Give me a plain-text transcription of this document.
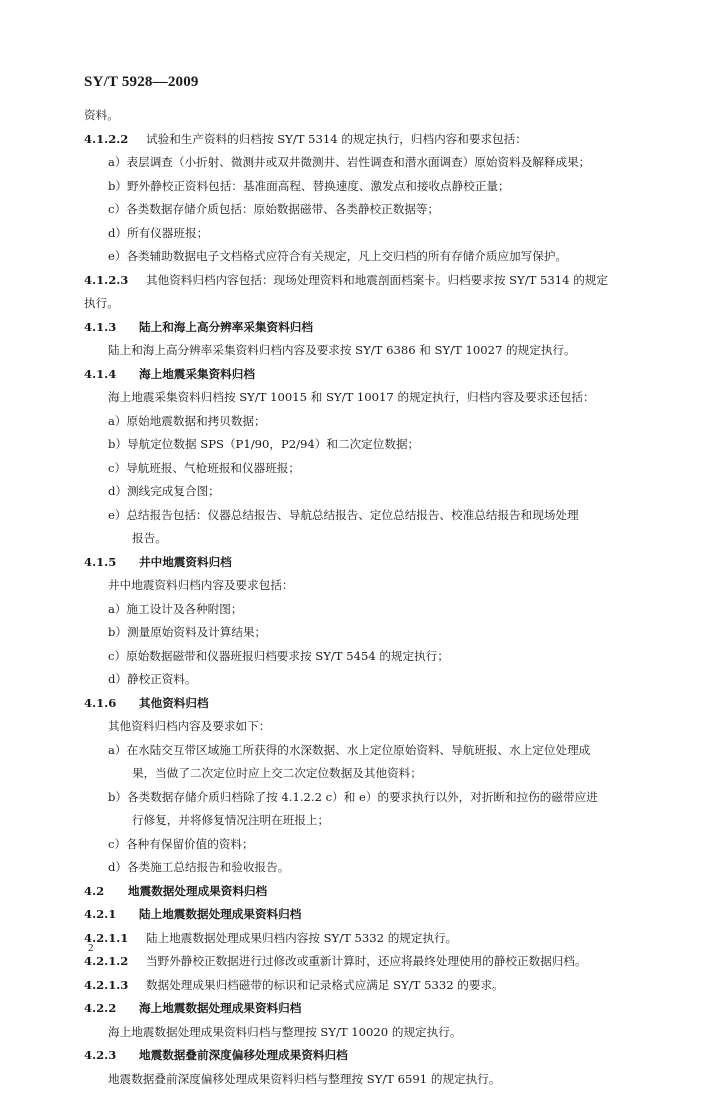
SY/T 5928—2009
资料。
4.1.2.2 试验和生产资料的归档按 SY/T 5314 的规定执行，归档内容和要求包括：
a）表层调查（小折射、微测井或双井微测井、岩性调查和潜水面调查）原始资料及解释成果；
b）野外静校正资料包括：基准面高程、替换速度、激发点和接收点静校正量；
c）各类数据存储介质包括：原始数据磁带、各类静校正数据等；
d）所有仪器班报；
e）各类辅助数据电子文档格式应符合有关规定，凡上交归档的所有存储介质应加写保护。
4.1.2.3 其他资料归档内容包括：现场处理资料和地震剖面档案卡。归档要求按 SY/T 5314 的规定
执行。
4.1.3 陆上和海上高分辨率采集资料归档
陆上和海上高分辨率采集资料归档内容及要求按 SY/T 6386 和 SY/T 10027 的规定执行。
4.1.4 海上地震采集资料归档
海上地震采集资料归档按 SY/T 10015 和 SY/T 10017 的规定执行，归档内容及要求还包括：
a）原始地震数据和拷贝数据；
b）导航定位数据 SPS（P1/90，P2/94）和二次定位数据；
c）导航班报、气枪班报和仪器班报；
d）测线完成复合图；
e）总结报告包括：仪器总结报告、导航总结报告、定位总结报告、校准总结报告和现场处理
报告。
4.1.5 井中地震资料归档
井中地震资料归档内容及要求包括：
a）施工设计及各种附图；
b）测量原始资料及计算结果；
c）原始数据磁带和仪器班报归档要求按 SY/T 5454 的规定执行；
d）静校正资料。
4.1.6 其他资料归档
其他资料归档内容及要求如下：
a）在水陆交互带区域施工所获得的水深数据、水上定位原始资料、导航班报、水上定位处理成
果，当做了二次定位时应上交二次定位数据及其他资料；
b）各类数据存储介质归档除了按 4.1.2.2 c）和 e）的要求执行以外，对折断和拉伤的磁带应进
行修复，并将修复情况注明在班报上；
c）各种有保留价值的资料；
d）各类施工总结报告和验收报告。
4.2 地震数据处理成果资料归档
4.2.1 陆上地震数据处理成果资料归档
4.2.1.1 陆上地震数据处理成果归档内容按 SY/T 5332 的规定执行。
4.2.1.2 当野外静校正数据进行过修改或重新计算时，还应将最终处理使用的静校正数据归档。
4.2.1.3 数据处理成果归档磁带的标识和记录格式应满足 SY/T 5332 的要求。
4.2.2 海上地震数据处理成果资料归档
海上地震数据处理成果资料归档与整理按 SY/T 10020 的规定执行。
4.2.3 地震数据叠前深度偏移处理成果资料归档
地震数据叠前深度偏移处理成果资料归档与整理按 SY/T 6591 的规定执行。
2
